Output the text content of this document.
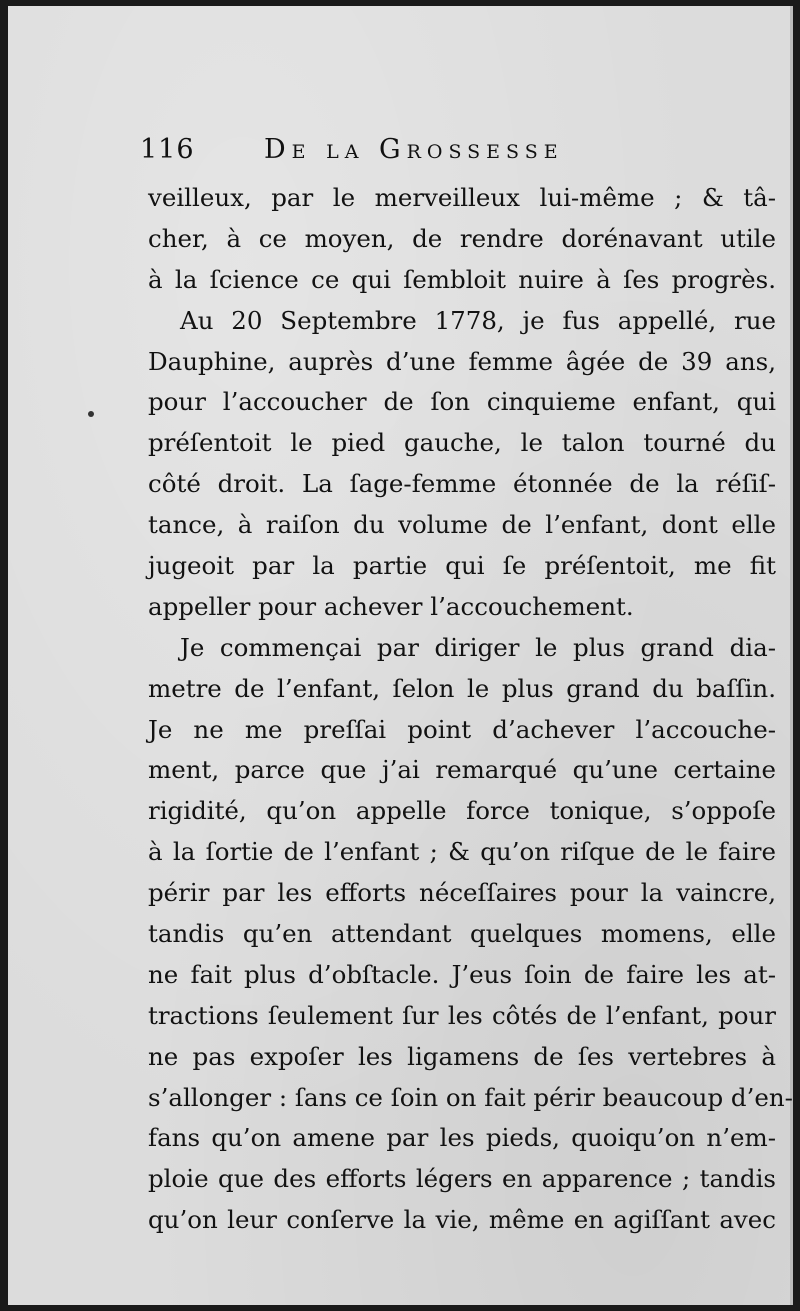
116	De la Grossesse
veilleux, par le merveilleux lui-même ; & tâ-
cher, à ce moyen, de rendre dorénavant utile
à la ſcience ce qui ſembloit nuire à ſes progrès.
Au 20 Septembre 1778, je fus appellé, rue
Dauphine, auprès d’une femme âgée de 39 ans,
pour l’accoucher de ſon cinquieme enfant, qui
préſentoit le pied gauche, le talon tourné du
côté droit. La ſage-femme étonnée de la réſiſ-
tance, à raiſon du volume de l’enfant, dont elle
jugeoit par la partie qui ſe préſentoit, me fit
appeller pour achever l’accouchement.
Je commençai par diriger le plus grand dia-
metre de l’enfant, ſelon le plus grand du baſſin.
Je ne me preſſai point d’achever l’accouche-
ment, parce que j’ai remarqué qu’une certaine
rigidité, qu’on appelle force tonique, s’oppoſe
à la ſortie de l’enfant ; & qu’on riſque de le faire
périr par les efforts néceſſaires pour la vaincre,
tandis qu’en attendant quelques momens, elle
ne fait plus d’obſtacle. J’eus ſoin de faire les at-
tractions ſeulement ſur les côtés de l’enfant, pour
ne pas expoſer les ligamens de ſes vertebres à
s’allonger : ſans ce ſoin on fait périr beaucoup d’en-
fans qu’on amene par les pieds, quoiqu’on n’em-
ploie que des efforts légers en apparence ; tandis
qu’on leur conſerve la vie, même en agiſſant avec
